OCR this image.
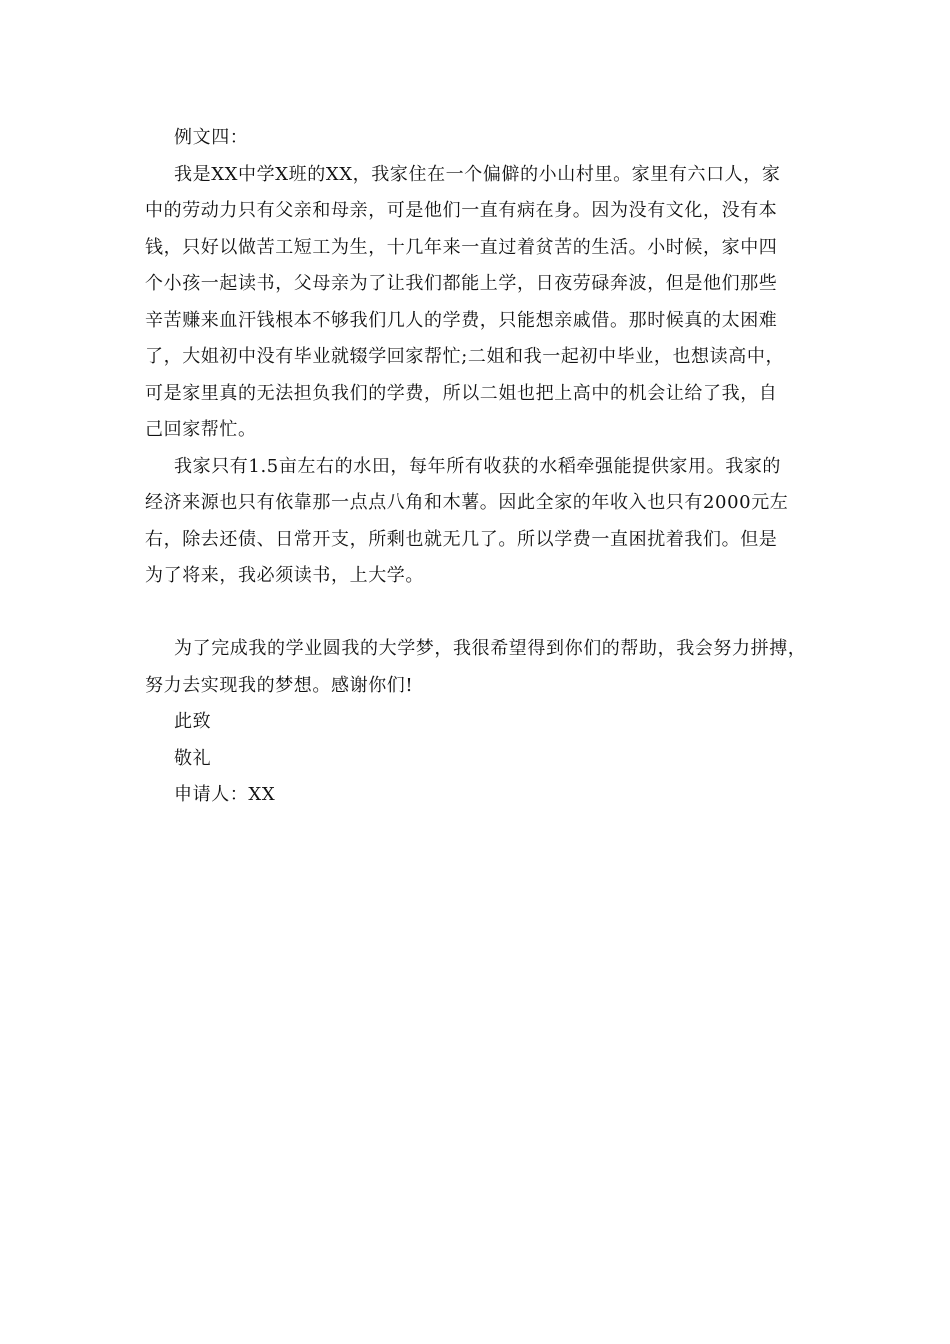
例文四：
我是XX中学X班的XX，我家住在一个偏僻的小山村里。家里有六口人，家
中的劳动力只有父亲和母亲，可是他们一直有病在身。因为没有文化，没有本
钱，只好以做苦工短工为生，十几年来一直过着贫苦的生活。小时候，家中四
个小孩一起读书，父母亲为了让我们都能上学，日夜劳碌奔波，但是他们那些
辛苦赚来血汗钱根本不够我们几人的学费，只能想亲戚借。那时候真的太困难
了，大姐初中没有毕业就辍学回家帮忙;二姐和我一起初中毕业，也想读高中，
可是家里真的无法担负我们的学费，所以二姐也把上高中的机会让给了我，自
己回家帮忙。
我家只有1.5亩左右的水田，每年所有收获的水稻牵强能提供家用。我家的
经济来源也只有依靠那一点点八角和木薯。因此全家的年收入也只有2000元左
右，除去还债、日常开支，所剩也就无几了。所以学费一直困扰着我们。但是
为了将来，我必须读书，上大学。
为了完成我的学业圆我的大学梦，我很希望得到你们的帮助，我会努力拼搏，
努力去实现我的梦想。感谢你们!
此致
敬礼
申请人：XX
